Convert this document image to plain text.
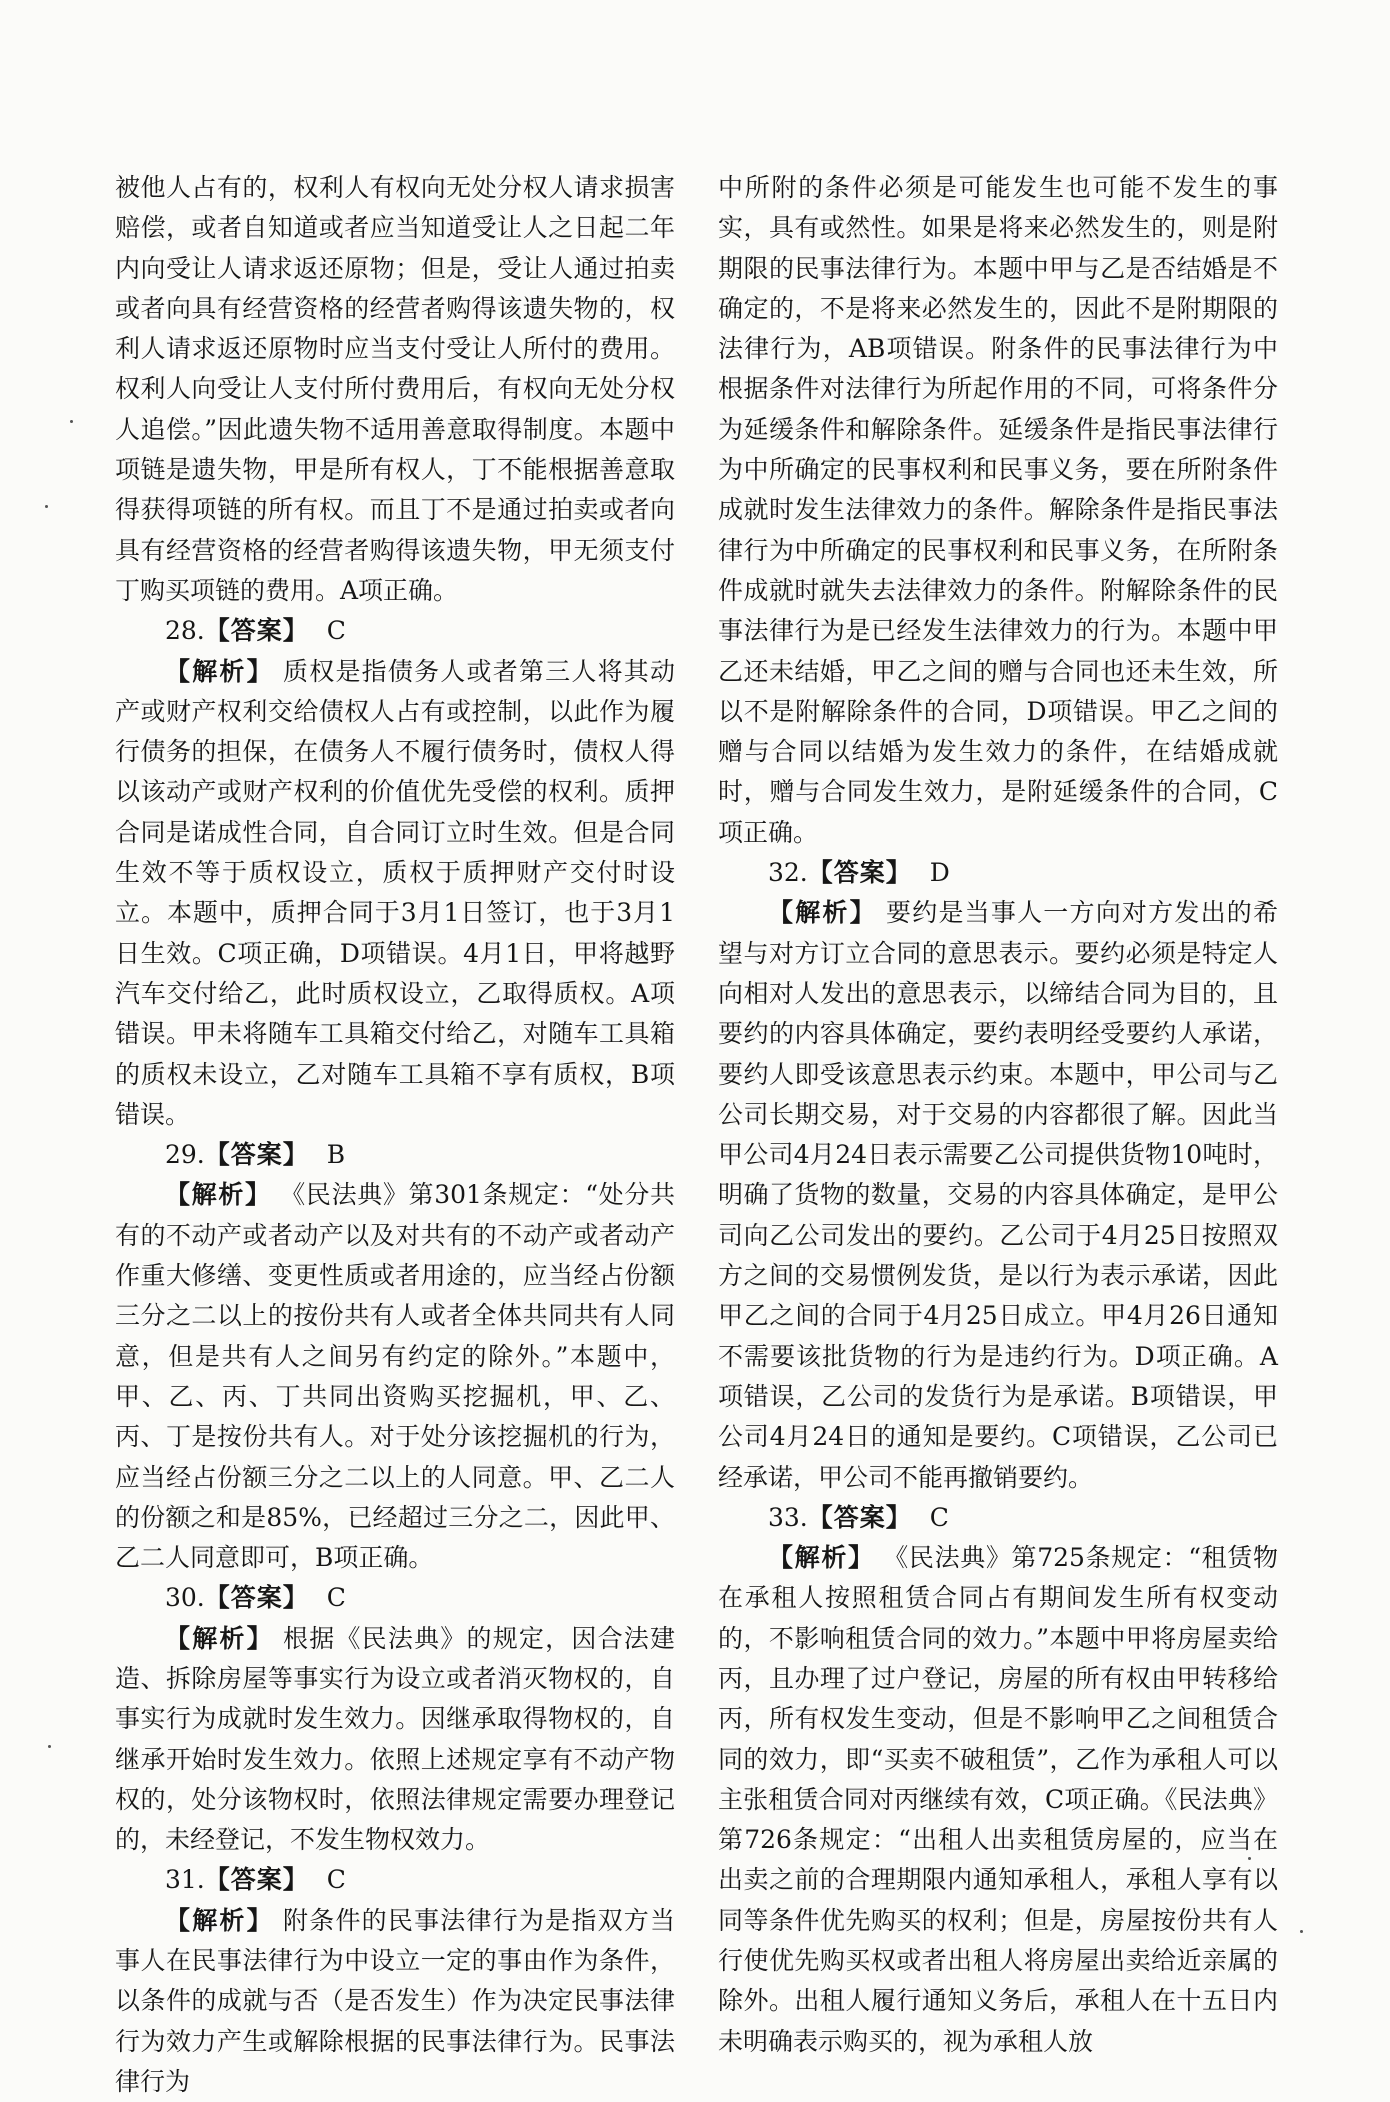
被他人占有的，权利人有权向无处分权人请求损害赔偿，或者自知道或者应当知道受让人之日起二年内向受让人请求返还原物；但是，受让人通过拍卖或者向具有经营资格的经营者购得该遗失物的，权利人请求返还原物时应当支付受让人所付的费用。权利人向受让人支付所付费用后，有权向无处分权人追偿。”因此遗失物不适用善意取得制度。本题中项链是遗失物，甲是所有权人，丁不能根据善意取得获得项链的所有权。而且丁不是通过拍卖或者向具有经营资格的经营者购得该遗失物，甲无须支付丁购买项链的费用。A项正确。

28.【答案】 C

【解析】 质权是指债务人或者第三人将其动产或财产权利交给债权人占有或控制，以此作为履行债务的担保，在债务人不履行债务时，债权人得以该动产或财产权利的价值优先受偿的权利。质押合同是诺成性合同，自合同订立时生效。但是合同生效不等于质权设立，质权于质押财产交付时设立。本题中，质押合同于3月1日签订，也于3月1日生效。C项正确，D项错误。4月1日，甲将越野汽车交付给乙，此时质权设立，乙取得质权。A项错误。甲未将随车工具箱交付给乙，对随车工具箱的质权未设立，乙对随车工具箱不享有质权，B项错误。

29.【答案】 B

【解析】 《民法典》第301条规定：“处分共有的不动产或者动产以及对共有的不动产或者动产作重大修缮、变更性质或者用途的，应当经占份额三分之二以上的按份共有人或者全体共同共有人同意，但是共有人之间另有约定的除外。”本题中，甲、乙、丙、丁共同出资购买挖掘机，甲、乙、丙、丁是按份共有人。对于处分该挖掘机的行为，应当经占份额三分之二以上的人同意。甲、乙二人的份额之和是85%，已经超过三分之二，因此甲、乙二人同意即可，B项正确。

30.【答案】 C

【解析】 根据《民法典》的规定，因合法建造、拆除房屋等事实行为设立或者消灭物权的，自事实行为成就时发生效力。因继承取得物权的，自继承开始时发生效力。依照上述规定享有不动产物权的，处分该物权时，依照法律规定需要办理登记的，未经登记，不发生物权效力。

31.【答案】 C

【解析】 附条件的民事法律行为是指双方当事人在民事法律行为中设立一定的事由作为条件，以条件的成就与否（是否发生）作为决定民事法律行为效力产生或解除根据的民事法律行为。民事法律行为

中所附的条件必须是可能发生也可能不发生的事实，具有或然性。如果是将来必然发生的，则是附期限的民事法律行为。本题中甲与乙是否结婚是不确定的，不是将来必然发生的，因此不是附期限的法律行为，AB项错误。附条件的民事法律行为中根据条件对法律行为所起作用的不同，可将条件分为延缓条件和解除条件。延缓条件是指民事法律行为中所确定的民事权利和民事义务，要在所附条件成就时发生法律效力的条件。解除条件是指民事法律行为中所确定的民事权利和民事义务，在所附条件成就时就失去法律效力的条件。附解除条件的民事法律行为是已经发生法律效力的行为。本题中甲乙还未结婚，甲乙之间的赠与合同也还未生效，所以不是附解除条件的合同，D项错误。甲乙之间的赠与合同以结婚为发生效力的条件，在结婚成就时，赠与合同发生效力，是附延缓条件的合同，C项正确。

32.【答案】 D

【解析】 要约是当事人一方向对方发出的希望与对方订立合同的意思表示。要约必须是特定人向相对人发出的意思表示，以缔结合同为目的，且要约的内容具体确定，要约表明经受要约人承诺，要约人即受该意思表示约束。本题中，甲公司与乙公司长期交易，对于交易的内容都很了解。因此当甲公司4月24日表示需要乙公司提供货物10吨时，明确了货物的数量，交易的内容具体确定，是甲公司向乙公司发出的要约。乙公司于4月25日按照双方之间的交易惯例发货，是以行为表示承诺，因此甲乙之间的合同于4月25日成立。甲4月26日通知不需要该批货物的行为是违约行为。D项正确。A项错误，乙公司的发货行为是承诺。B项错误，甲公司4月24日的通知是要约。C项错误，乙公司已经承诺，甲公司不能再撤销要约。

33.【答案】 C

【解析】 《民法典》第725条规定：“租赁物在承租人按照租赁合同占有期间发生所有权变动的，不影响租赁合同的效力。”本题中甲将房屋卖给丙，且办理了过户登记，房屋的所有权由甲转移给丙，所有权发生变动，但是不影响甲乙之间租赁合同的效力，即“买卖不破租赁”，乙作为承租人可以主张租赁合同对丙继续有效，C项正确。《民法典》第726条规定：“出租人出卖租赁房屋的，应当在出卖之前的合理期限内通知承租人，承租人享有以同等条件优先购买的权利；但是，房屋按份共有人行使优先购买权或者出租人将房屋出卖给近亲属的除外。出租人履行通知义务后，承租人在十五日内未明确表示购买的，视为承租人放
